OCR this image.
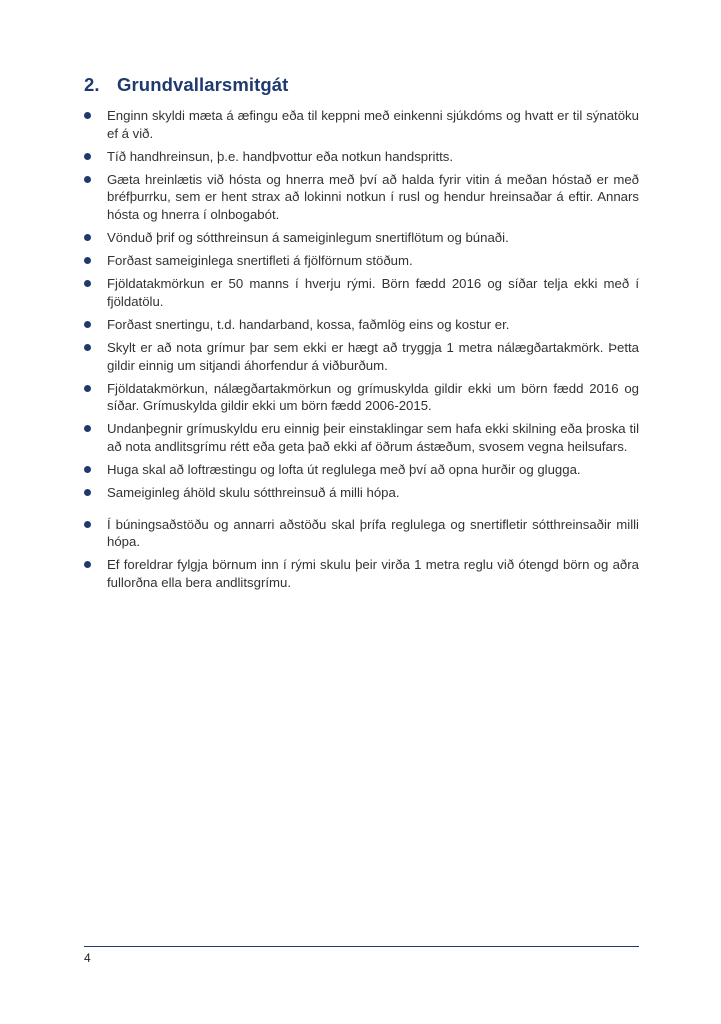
2. Grundvallarsmitgát
Enginn skyldi mæta á æfingu eða til keppni með einkenni sjúkdóms og hvatt er til sýnatöku ef á við.
Tíð handhreinsun, þ.e. handþvottur eða notkun handspritts.
Gæta hreinlætis við hósta og hnerra með því að halda fyrir vitin á meðan hóstað er með bréfþurrku, sem er hent strax að lokinni notkun í rusl og hendur hreinsaðar á eftir. Annars hósta og hnerra í olnbogabót.
Vönduð þrif og sótthreinsun á sameiginlegum snertiflötum og búnaði.
Forðast sameiginlega snertifleti á fjölförnum stöðum.
Fjöldatakmörkun er 50 manns í hverju rými. Börn fædd 2016 og síðar telja ekki með í fjöldatölu.
Forðast snertingu, t.d. handarband, kossa, faðmlög eins og kostur er.
Skylt er að nota grímur þar sem ekki er hægt að tryggja 1 metra nálægðartakmörk. Þetta gildir einnig um sitjandi áhorfendur á viðburðum.
Fjöldatakmörkun, nálægðartakmörkun og grímuskylda gildir ekki um börn fædd 2016 og síðar. Grímuskylda gildir ekki um börn fædd 2006-2015.
Undanþegnir grímuskyldu eru einnig þeir einstaklingar sem hafa ekki skilning eða þroska til að nota andlitsgrímu rétt eða geta það ekki af öðrum ástæðum, svosem vegna heilsufars.
Huga skal að loftræstingu og lofta út reglulega með því að opna hurðir og glugga.
Sameiginleg áhöld skulu sótthreinsuð á milli hópa.
Í búningsaðstöðu og annarri aðstöðu skal þrífa reglulega og snertifletir sótthreinsaðir milli hópa.
Ef foreldrar fylgja börnum inn í rými skulu þeir virða 1 metra reglu við ótengd börn og aðra fullorðna ella bera andlitsgrímu.
4
